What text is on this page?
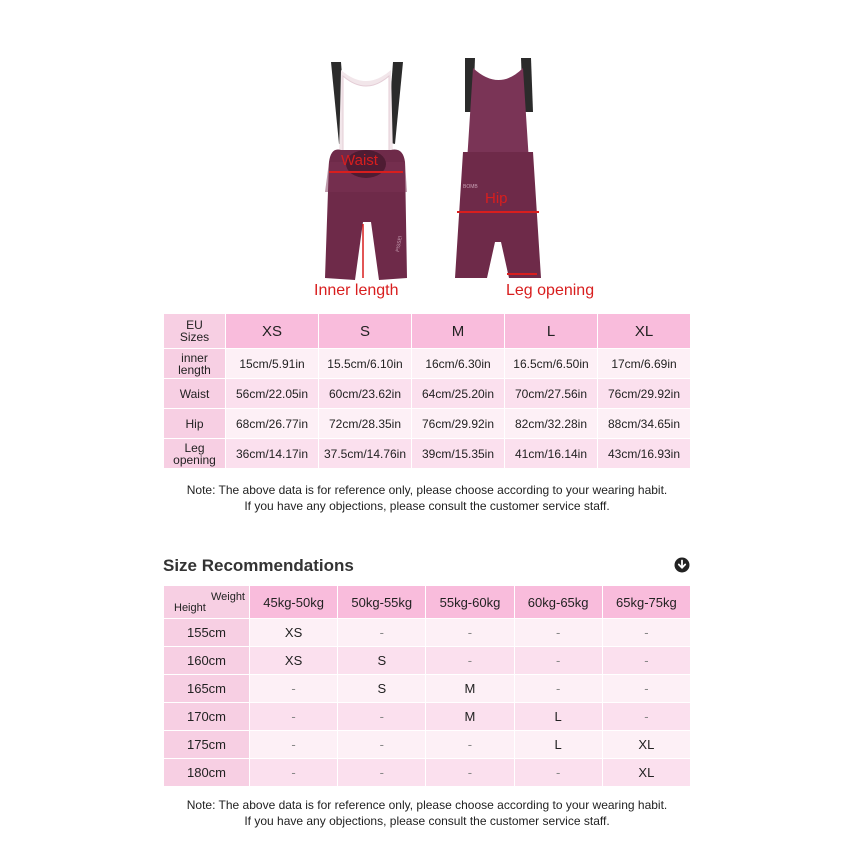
PISSEI
BOMB
Waist
Hip
Inner length	Leg opening
EU
Sizes	XS	S	M	L	XL

inner
length	15cm/5.91in	15.5cm/6.10in	16cm/6.30in	16.5cm/6.50in	17cm/6.69in

Waist	56cm/22.05in	60cm/23.62in	64cm/25.20in	70cm/27.56in	76cm/29.92in

Hip	68cm/26.77in	72cm/28.35in	76cm/29.92in	82cm/32.28in	88cm/34.65in

Leg
opening	36cm/14.17in	37.5cm/14.76in	39cm/15.35in	41cm/16.14in	43cm/16.93in
Note: The above data is for reference only, please choose according to your wearing habit.
If you have any objections, please consult the customer service staff.
Size Recommendations
Weight
Height	45kg-50kg	50kg-55kg	55kg-60kg	60kg-65kg	65kg-75kg
155cm	XS	-	-	-	-
160cm	XS	S	-	-	-
165cm	-	S	M	-	-
170cm	-	-	M	L	-
175cm	-	-	-	L	XL
180cm	-	-	-	-	XL
Note: The above data is for reference only, please choose according to your wearing habit.
If you have any objections, please consult the customer service staff.
